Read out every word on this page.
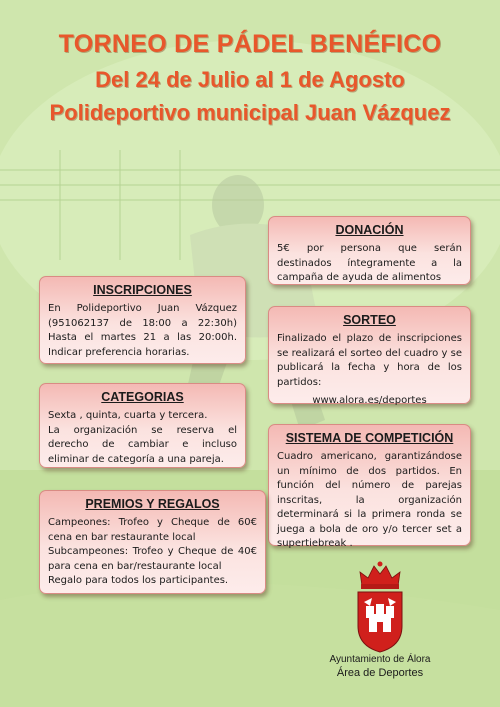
TORNEO DE PÁDEL BENÉFICO
Del 24 de Julio al 1 de Agosto
Polideportivo municipal Juan Vázquez
DONACIÓN

5€ por persona que serán destinados íntegramente a la campaña de ayuda de alimentos

INSCRIPCIONES

En Polideportivo Juan Vázquez (951062137 de 18:00 a 22:30h) Hasta el martes 21 a las 20:00h. Indicar preferencia horarias.

SORTEO

Finalizado el plazo de inscripciones se realizará el sorteo del cuadro y se publicará la fecha y hora de los partidos:

www.alora.es/deportes

CATEGORIAS

Sexta , quinta, cuarta y tercera.

La organización se reserva el derecho de cambiar e incluso eliminar de categoría a una pareja.

SISTEMA DE COMPETICIÓN

Cuadro americano, garantizándose un mínimo de dos partidos. En función del número de parejas inscritas, la organización determinará si la primera ronda se juega a bola de oro y/o tercer set a supertiebreak .

PREMIOS Y REGALOS

Campeones: Trofeo y Cheque de 60€ cena en bar restaurante local

Subcampeones: Trofeo y Cheque de 40€ para cena en bar/restaurante local

Regalo para todos los participantes.

Ayuntamiento de Álora
Área de Deportes
